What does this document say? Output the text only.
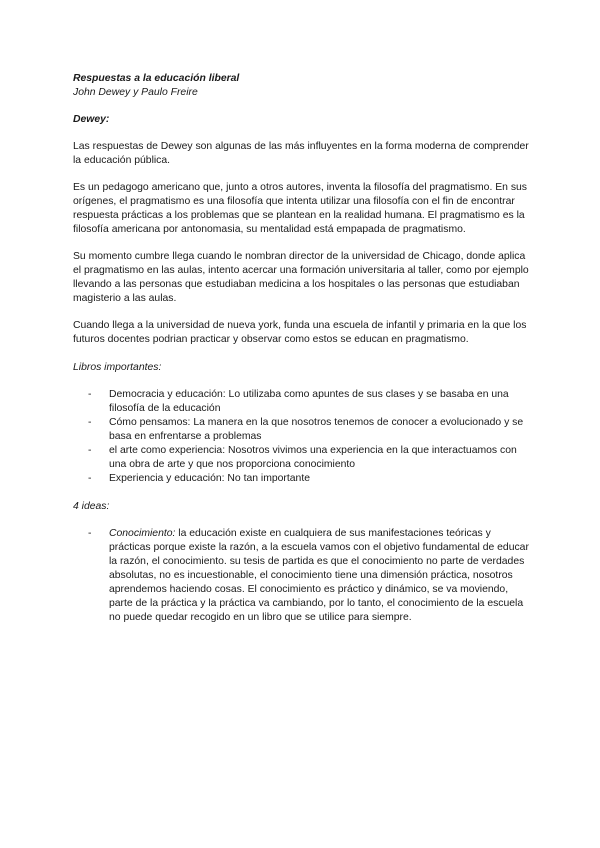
Respuestas a la educación liberal
John Dewey y Paulo Freire
Dewey:

Las respuestas de Dewey son algunas de las más influyentes en la forma moderna de comprender la educación pública.

Es un pedagogo americano que, junto a otros autores, inventa la filosofía del pragmatismo. En sus orígenes, el pragmatismo es una filosofía que intenta utilizar una filosofía con el fin de encontrar respuesta prácticas a los problemas que se plantean en la realidad humana. El pragmatismo es la filosofía americana por antonomasia, su mentalidad está empapada de pragmatismo.

Su momento cumbre llega cuando le nombran director de la universidad de Chicago, donde aplica el pragmatismo en las aulas, intento acercar una formación universitaria al taller, como por ejemplo llevando a las personas que estudiaban medicina a los hospitales o las personas que estudiaban magisterio a las aulas.

Cuando llega a la universidad de nueva york, funda una escuela de infantil y primaria en la que los futuros docentes podrian practicar y observar como estos se educan en pragmatismo.

Libros importantes:
- Democracia y educación: Lo utilizaba como apuntes de sus clases y se basaba en una filosofía de la educación
- Cómo pensamos: La manera en la que nosotros tenemos de conocer a evolucionado y se basa en enfrentarse a problemas
- el arte como experiencia: Nosotros vivimos una experiencia en la que interactuamos con una obra de arte y que nos proporciona conocimiento
- Experiencia y educación: No tan importante
4 ideas:
- Conocimiento: la educación existe en cualquiera de sus manifestaciones teóricas y prácticas porque existe la razón, a la escuela vamos con el objetivo fundamental de educar la razón, el conocimiento. su tesis de partida es que el conocimiento no parte de verdades absolutas, no es incuestionable, el conocimiento tiene una dimensión práctica, nosotros aprendemos haciendo cosas. El conocimiento es práctico y dinámico, se va moviendo, parte de la práctica y la práctica va cambiando, por lo tanto, el conocimiento de la escuela no puede quedar recogido en un libro que se utilice para siempre.
